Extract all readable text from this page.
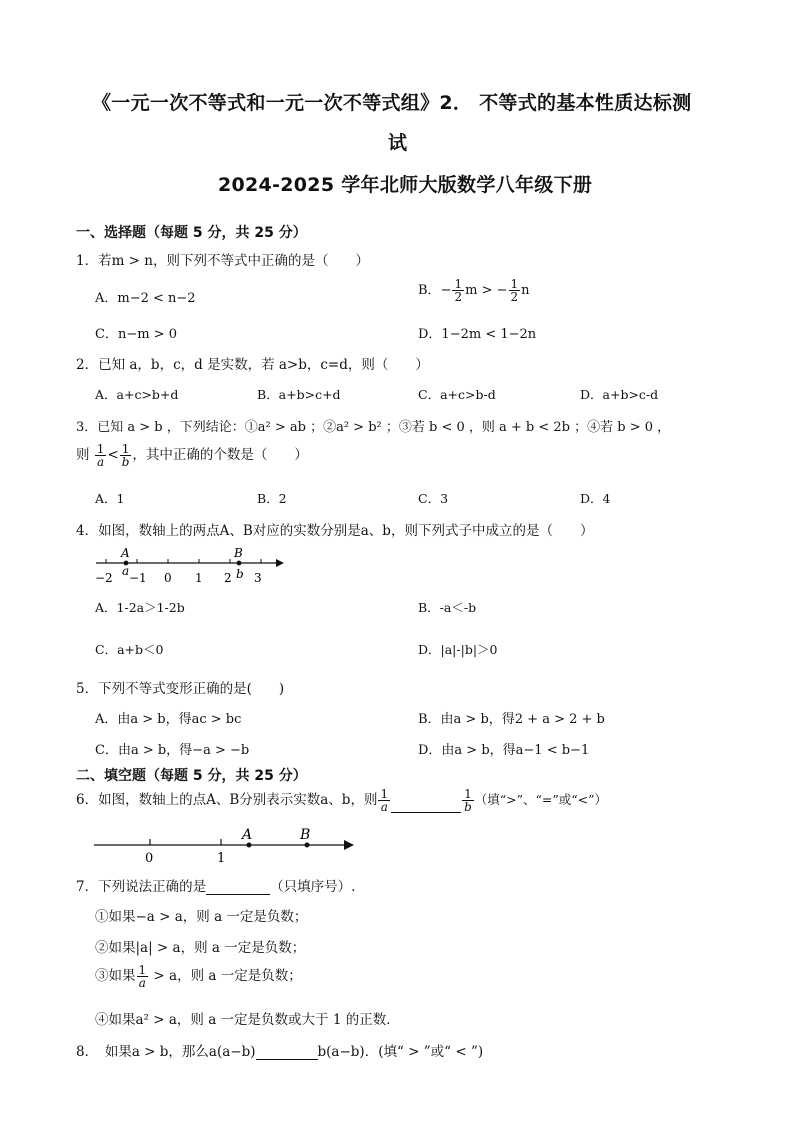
《一元一次不等式和一元一次不等式组》2． 不等式的基本性质达标测
试
2024-2025 学年北师大版数学八年级下册
一、选择题（每题 5 分，共 25 分）
1．若m > n，则下列不等式中正确的是（　　）
A．m−2 < n−2
B．− $\frac{1}{2}$ m > − $\frac{1}{2}$ n
C．n−m > 0	D．1−2m < 1−2n
2．已知 a，b，c，d 是实数，若 a>b，c=d，则（　　）
A．a+c>b+d	B．a+b>c+d	C．a+c>b-d	D．a+b>c-d
3．已知 a > b ，下列结论：①a² > ab ；②a² > b² ；③若 b < 0 ，则 a + b < 2b ；④若 b > 0 ，
则 $\frac{1}{a} < \frac{1}{b}$ ，其中正确的个数是（　　）
A．1	B．2	C．3	D．4
4．如图，数轴上的两点A、B对应的实数分别是a、b，则下列式子中成立的是（　　）
A
a
B
b
−2 −1 0 1 2 3
A．1-2a＞1-2b	B．-a＜-b
C．a+b＜0	D．|a|-|b|＞0
5．下列不等式变形正确的是(　　)
A．由a > b，得ac > bc	B．由a > b，得2 + a > 2 + b
C．由a > b，得−a > −b	D．由a > b，得a−1 < b−1
二、填空题（每题 5 分，共 25 分）
6．如图，数轴上的点A、B分别表示实数a、b，则 $\frac{1}{a}$	$\frac{1}{b}$ （填“>”、“=”或“<”）
A	B
0	1
7．下列说法正确的是	（只填序号）.
①如果−a > a，则 a 一定是负数；
②如果|a| > a，则 a 一定是负数；
③如果 $\frac{1}{a} > a$，则 a 一定是负数；
④如果a² > a，则 a 一定是负数或大于 1 的正数．
8．　如果a > b，那么a(a−b)	b(a−b)．(填“ > ”或“ < ”)
